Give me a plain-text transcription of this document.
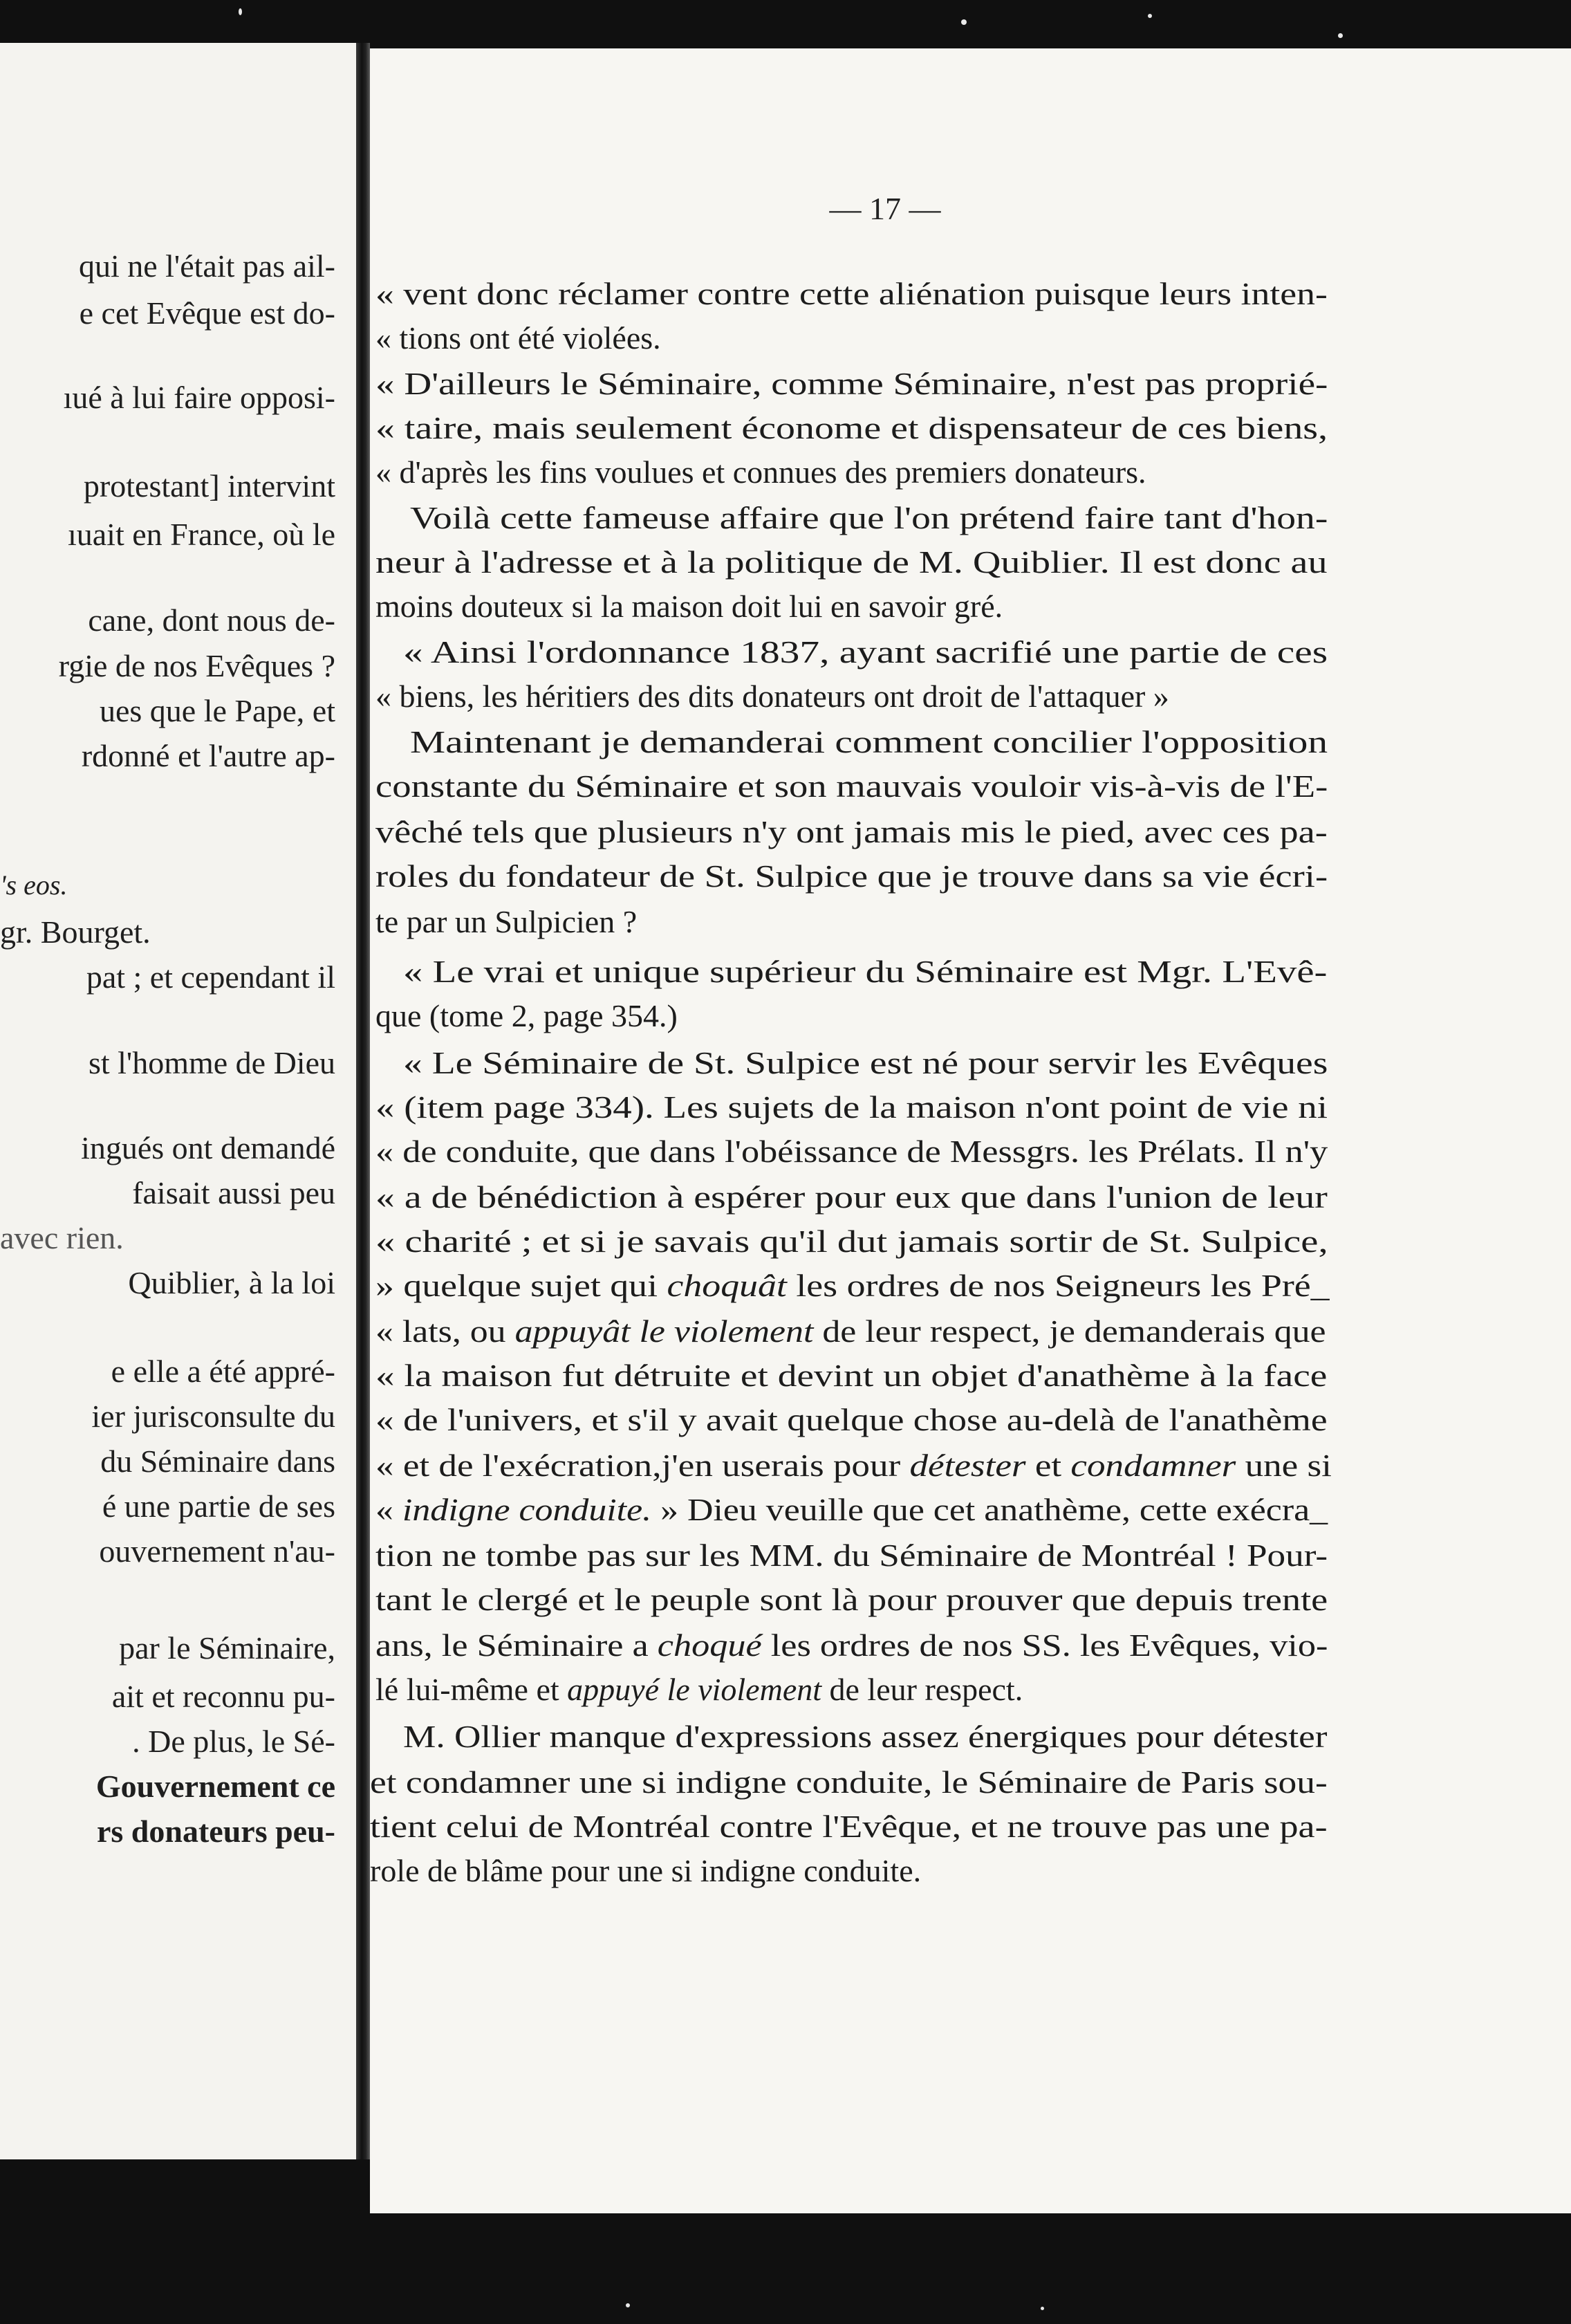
qui ne l'était pas ail-
e cet Evêque est do-
ıué à lui faire opposi-
protestant] intervint
ıuait en France, où le
cane, dont nous de-
rgie de nos Evêques ?
ues que le Pape, et
rdonné et l'autre ap-
's eos.
gr. Bourget.
pat ; et cependant il
st l'homme de Dieu
ingués ont demandé
faisait aussi peu
avec rien.
Quiblier, à la loi
e elle a été appré-
ier jurisconsulte du
du Séminaire dans
é une partie de ses
ouvernement n'au-
par le Séminaire,
ait et reconnu pu-
. De plus, le Sé-
Gouvernement ce
rs donateurs peu-
— 17 —
« vent donc réclamer contre cette aliénation puisque leurs inten-
« tions ont été violées.
« D'ailleurs le Séminaire, comme Séminaire, n'est pas proprié-
« taire, mais seulement économe et dispensateur de ces biens,
« d'après les fins voulues et connues des premiers donateurs.
Voilà cette fameuse affaire que l'on prétend faire tant d'hon-
neur à l'adresse et à la politique de M. Quiblier. Il est donc au
moins douteux si la maison doit lui en savoir gré.
« Ainsi l'ordonnance 1837, ayant sacrifié une partie de ces
« biens, les héritiers des dits donateurs ont droit de l'attaquer »
Maintenant je demanderai comment concilier l'opposition
constante du Séminaire et son mauvais vouloir vis-à-vis de l'E-
vêché tels que plusieurs n'y ont jamais mis le pied, avec ces pa-
roles du fondateur de St. Sulpice que je trouve dans sa vie écri-
te par un Sulpicien ?
« Le vrai et unique supérieur du Séminaire est Mgr. L'Evê-
que (tome 2, page 354.)
« Le Séminaire de St. Sulpice est né pour servir les Evêques
« (item page 334). Les sujets de la maison n'ont point de vie ni
« de conduite, que dans l'obéissance de Messgrs. les Prélats. Il n'y
« a de bénédiction à espérer pour eux que dans l'union de leur
« charité ; et si je savais qu'il dut jamais sortir de St. Sulpice,
» quelque sujet qui choquât les ordres de nos Seigneurs les Pré_
« lats, ou appuyât le violement de leur respect, je demanderais que
« la maison fut détruite et devint un objet d'anathème à la face
« de l'univers, et s'il y avait quelque chose au-delà de l'anathème
« et de l'exécration,j'en userais pour détester et condamner une si
« indigne conduite. » Dieu veuille que cet anathème, cette exécra_
tion ne tombe pas sur les MM. du Séminaire de Montréal ! Pour-
tant le clergé et le peuple sont là pour prouver que depuis trente
ans, le Séminaire a choqué les ordres de nos SS. les Evêques, vio-
lé lui-même et appuyé le violement de leur respect.
M. Ollier manque d'expressions assez énergiques pour détester
et condamner une si indigne conduite, le Séminaire de Paris sou-
tient celui de Montréal contre l'Evêque, et ne trouve pas une pa-
role de blâme pour une si indigne conduite.
